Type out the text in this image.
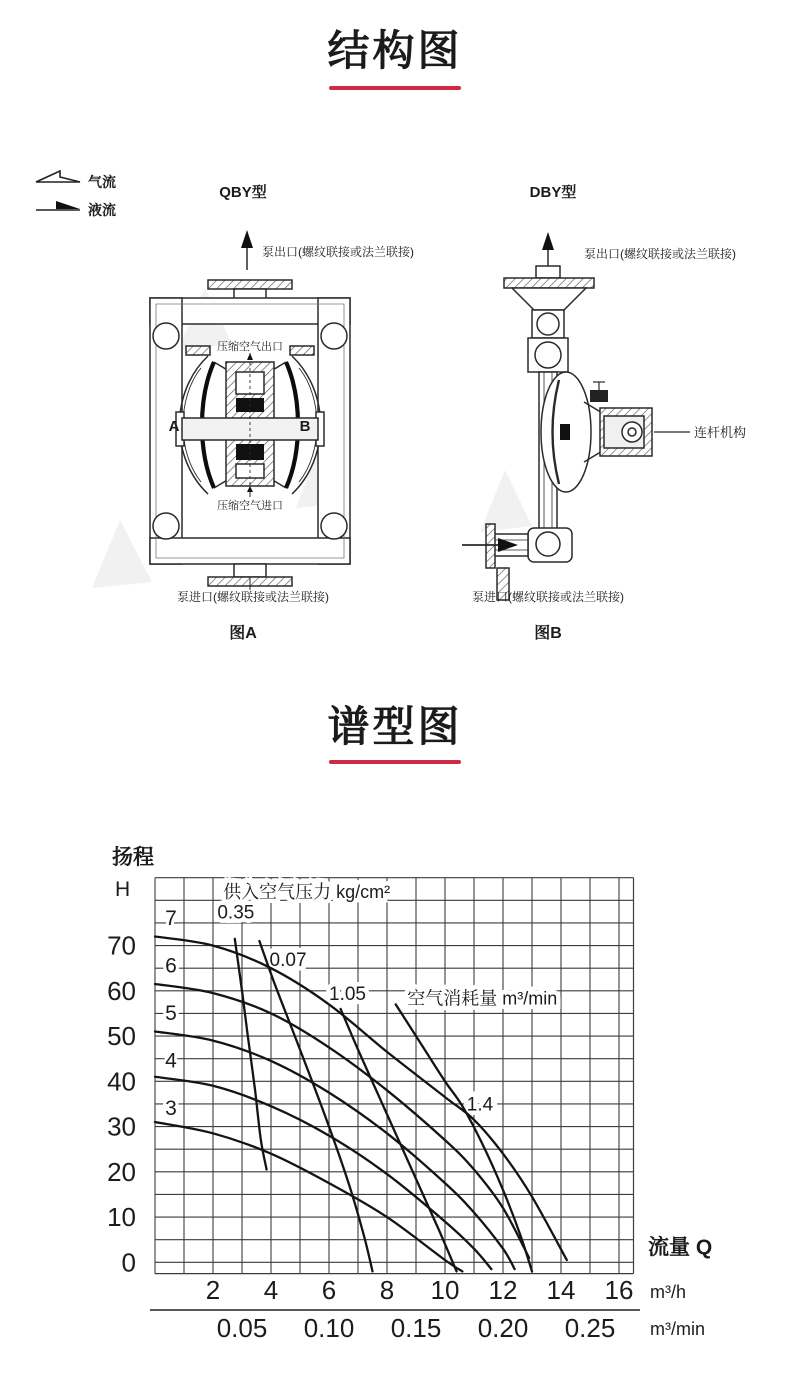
结构图
气流
液流
QBY型
泵出口(螺纹联接或法兰联接)
压缩空气出口
A	B
压缩空气进口
泵进口(螺纹联接或法兰联接)
图A
DBY型
泵出口(螺纹联接或法兰联接)
连杆机构
泵进口(螺纹联接或法兰联接)
图B
谱型图
0
10
20
30
40
50
60
70
2 4 6 8 10 12 14 16
0.05 0.10 0.15 0.20 0.25
扬程
H
流量 Q
m³/h
m³/min
供入空气压力 kg/cm²
0.35
0.07
1.05 空气消耗量 m³/min
1.4
7
6
5
4
3
